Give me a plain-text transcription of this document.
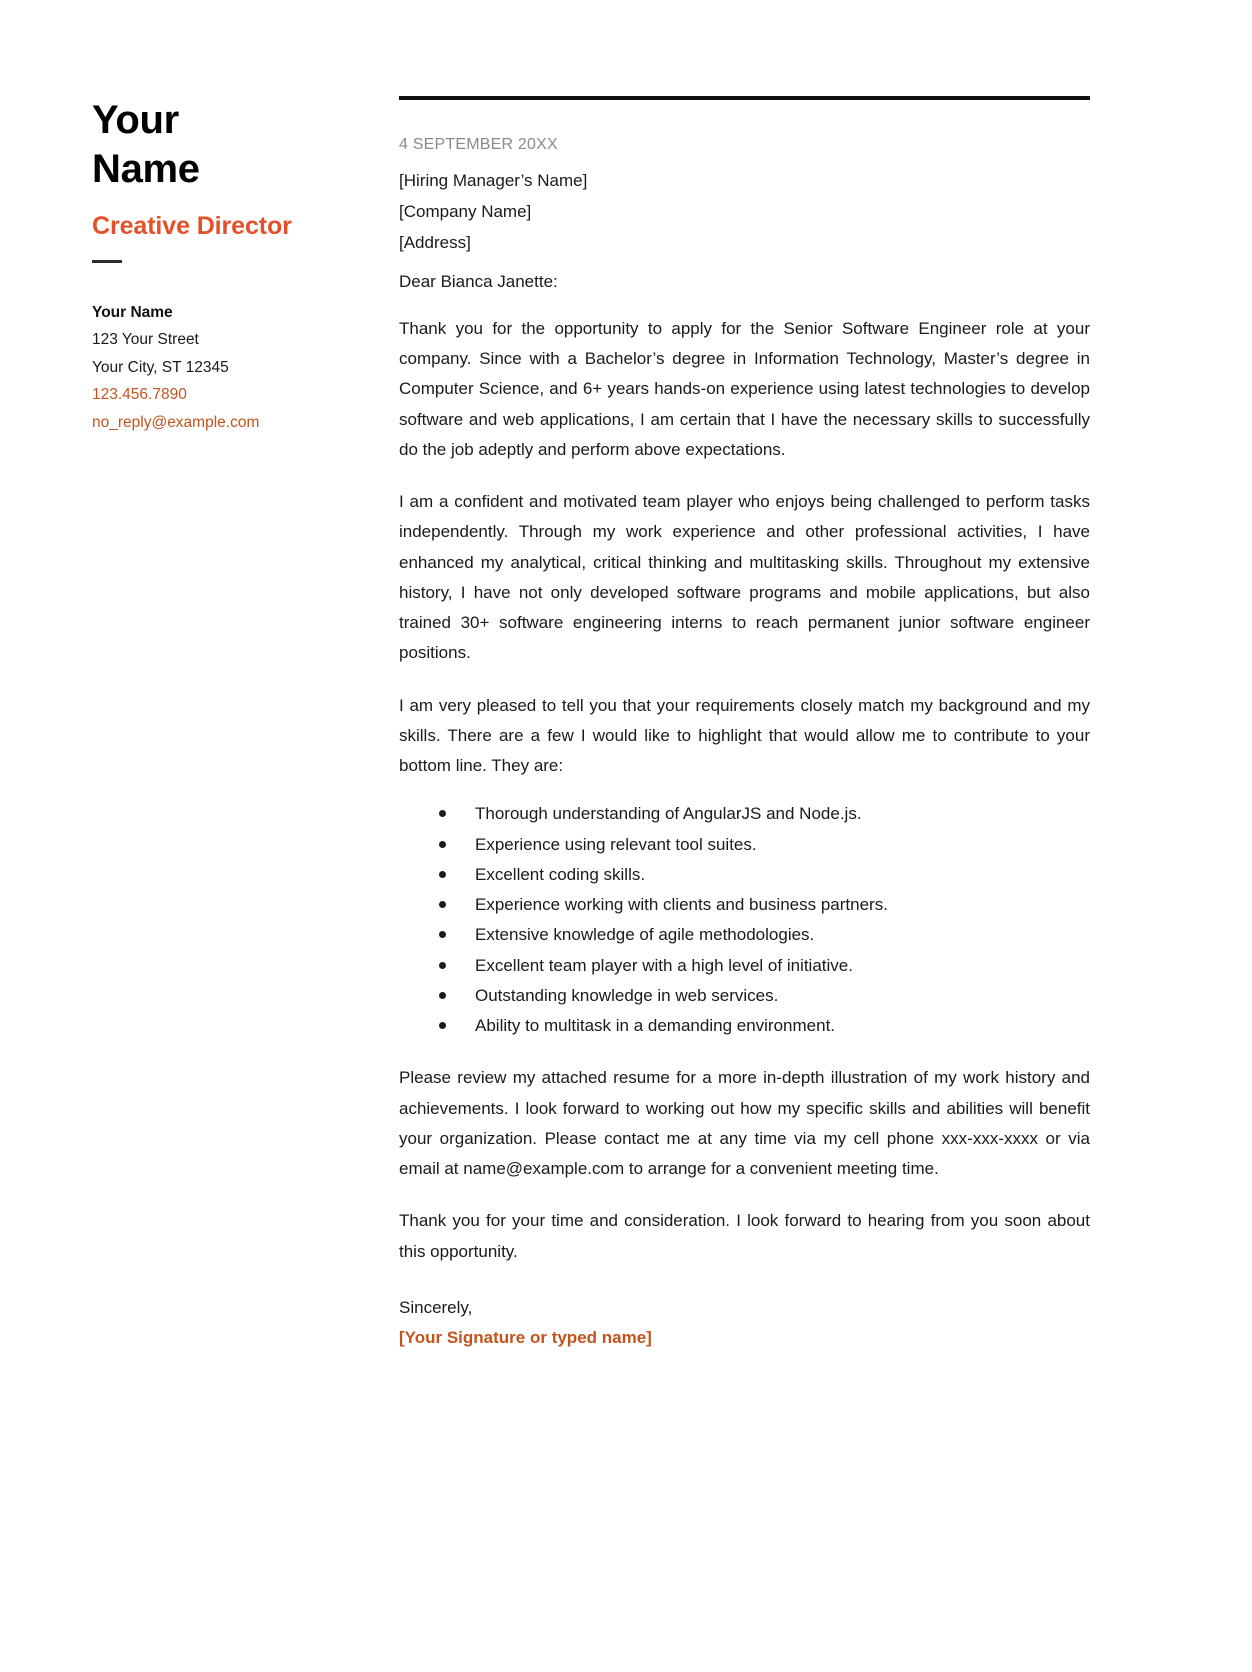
Your
Name
Creative Director
Your Name
123 Your Street
Your City, ST 12345
123.456.7890
no_reply@example.com
4 SEPTEMBER 20XX
[Hiring Manager’s Name]
[Company Name]
[Address]
Dear Bianca Janette:

Thank you for the opportunity to apply for the Senior Software Engineer role at your company. Since with a Bachelor’s degree in Information Technology, Master’s degree in Computer Science, and 6+ years hands-on experience using latest technologies to develop software and web applications, I am certain that I have the necessary skills to successfully do the job adeptly and perform above expectations.

I am a confident and motivated team player who enjoys being challenged to perform tasks independently. Through my work experience and other professional activities, I have enhanced my analytical, critical thinking and multitasking skills. Throughout my extensive history, I have not only developed software programs and mobile applications, but also trained 30+ software engineering interns to reach permanent junior software engineer positions.

I am very pleased to tell you that your requirements closely match my background and my skills. There are a few I would like to highlight that would allow me to contribute to your bottom line. They are:

Thorough understanding of AngularJS and Node.js.
Experience using relevant tool suites.
Excellent coding skills.
Experience working with clients and business partners.
Extensive knowledge of agile methodologies.
Excellent team player with a high level of initiative.
Outstanding knowledge in web services.
Ability to multitask in a demanding environment.

Please review my attached resume for a more in-depth illustration of my work history and achievements. I look forward to working out how my specific skills and abilities will benefit your organization. Please contact me at any time via my cell phone xxx-xxx-xxxx or via email at name@example.com to arrange for a convenient meeting time.

Thank you for your time and consideration. I look forward to hearing from you soon about this opportunity.

Sincerely,
[Your Signature or typed name]
